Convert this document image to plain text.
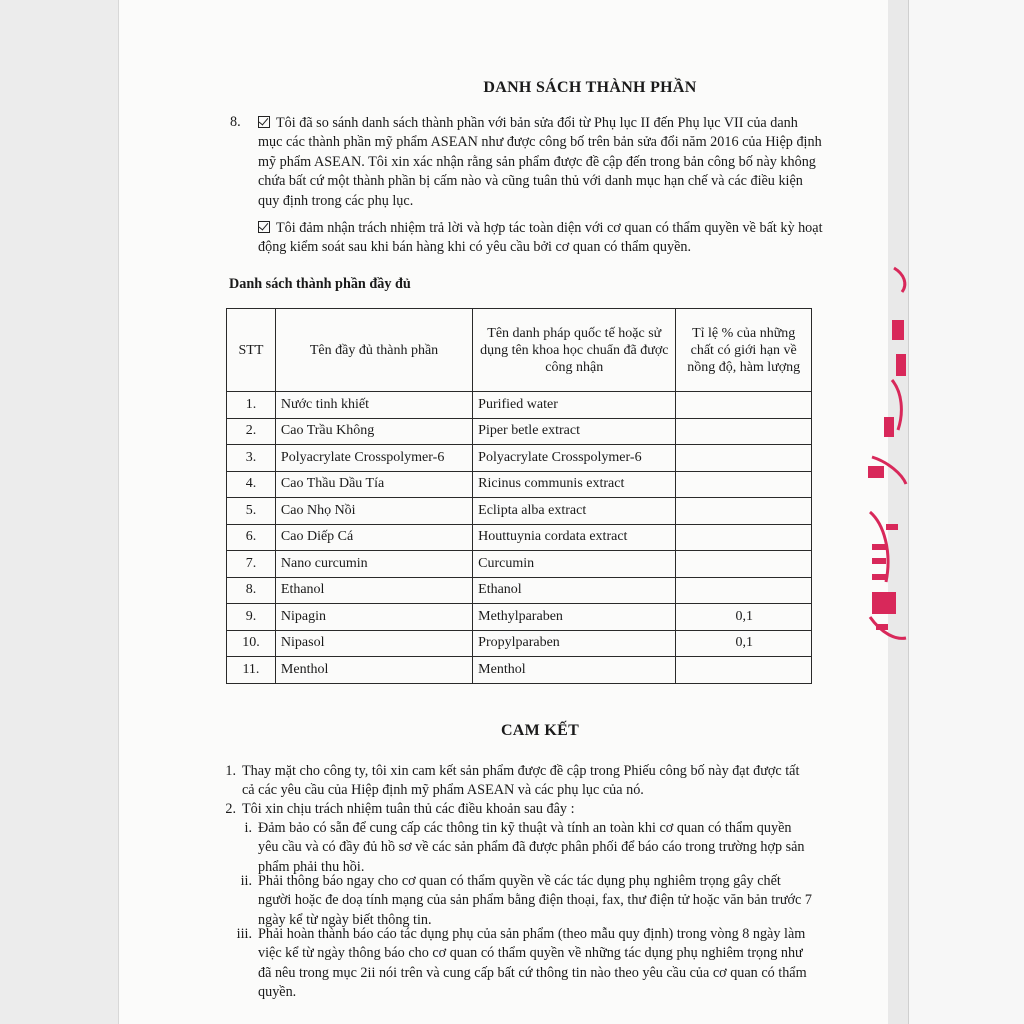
DANH SÁCH THÀNH PHẦN
8.	Tôi đã so sánh danh sách thành phần với bản sửa đổi từ Phụ lục II đến Phụ lục VII của danh mục các thành phần mỹ phẩm ASEAN như được công bố trên bản sửa đổi năm 2016 của Hiệp định mỹ phẩm ASEAN. Tôi xin xác nhận rằng sản phẩm được đề cập đến trong bản công bố này không chứa bất cứ một thành phần bị cấm nào và cũng tuân thủ với danh mục hạn chế và các điều kiện quy định trong các phụ lục.
Tôi đảm nhận trách nhiệm trả lời và hợp tác toàn diện với cơ quan có thẩm quyền về bất kỳ hoạt động kiểm soát sau khi bán hàng khi có yêu cầu bởi cơ quan có thẩm quyền.
Danh sách thành phần đầy đủ
STT	Tên đầy đủ thành phần	Tên danh pháp quốc tế hoặc sử dụng tên khoa học chuẩn đã được công nhận	Tỉ lệ % của những chất có giới hạn về nồng độ, hàm lượng
1.	Nước tinh khiết	Purified water	
2.	Cao Trầu Không	Piper betle extract	
3.	Polyacrylate Crosspolymer-6	Polyacrylate Crosspolymer-6	
4.	Cao Thầu Dầu Tía	Ricinus communis extract	
5.	Cao Nhọ Nồi	Eclipta alba extract	
6.	Cao Diếp Cá	Houttuynia cordata extract	
7.	Nano curcumin	Curcumin	
8.	Ethanol	Ethanol	
9.	Nipagin	Methylparaben	0,1
10.	Nipasol	Propylparaben	0,1
11.	Menthol	Menthol	
CAM KẾT
1. Thay mặt cho công ty, tôi xin cam kết sản phẩm được đề cập trong Phiếu công bố này đạt được tất cả các yêu cầu của Hiệp định mỹ phẩm ASEAN và các phụ lục của nó.
2. Tôi xin chịu trách nhiệm tuân thủ các điều khoản sau đây :
i. Đảm bảo có sẵn để cung cấp các thông tin kỹ thuật và tính an toàn khi cơ quan có thẩm quyền yêu cầu và có đầy đủ hồ sơ về các sản phẩm đã được phân phối để báo cáo trong trường hợp sản phẩm phải thu hồi.
ii. Phải thông báo ngay cho cơ quan có thẩm quyền về các tác dụng phụ nghiêm trọng gây chết người hoặc đe doạ tính mạng của sản phẩm bằng điện thoại, fax, thư điện tử hoặc văn bản trước 7 ngày kể từ ngày biết thông tin.
iii. Phải hoàn thành báo cáo tác dụng phụ của sản phẩm (theo mẫu quy định) trong vòng 8 ngày làm việc kể từ ngày thông báo cho cơ quan có thẩm quyền về những tác dụng phụ nghiêm trọng như đã nêu trong mục 2ii nói trên và cung cấp bất cứ thông tin nào theo yêu cầu của cơ quan có thẩm quyền.
